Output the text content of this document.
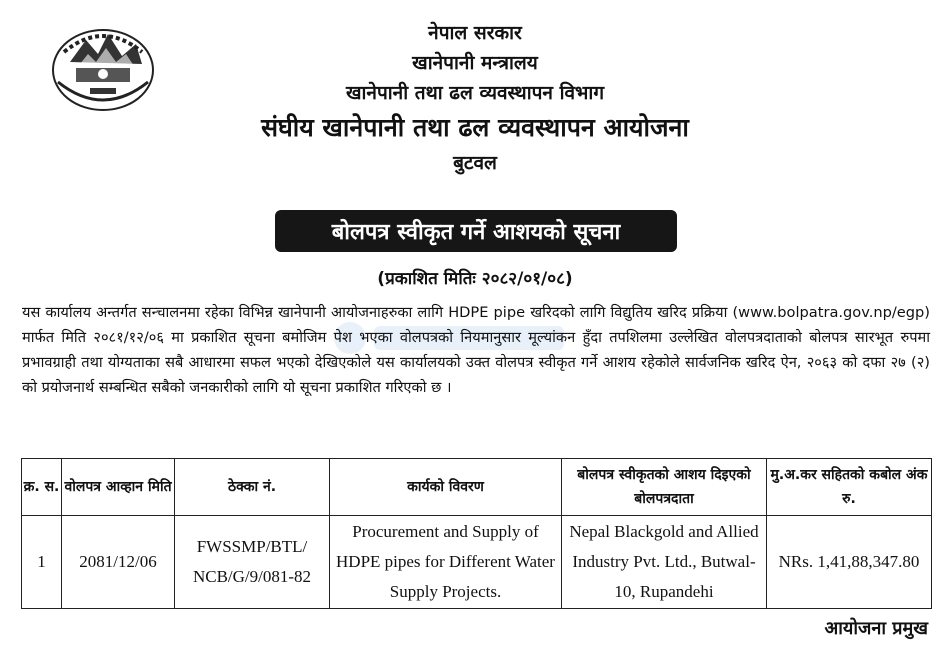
नेपाल सरकार
खानेपानी मन्त्रालय
खानेपानी तथा ढल व्यवस्थापन विभाग
संघीय खानेपानी तथा ढल व्यवस्थापन आयोजना
बुटवल
बोलपत्र स्वीकृत गर्ने आशयको सूचना
(प्रकाशित मितिः २०८२/०१/०८)
यस कार्यालय अन्तर्गत सन्चालनमा रहेका विभिन्न खानेपानी आयोजनाहरुका लागि HDPE pipe खरिदको लागि विद्युतिय खरिद प्रक्रिया (www.bolpatra.gov.np/egp) मार्फत मिति २०८१/१२/०६ मा प्रकाशित सूचना बमोजिम पेश भएका वोलपत्रको नियमानुसार मूल्यांकन हुँदा तपशिलमा उल्लेखित वोलपत्रदाताको बोलपत्र सारभूत रुपमा प्रभावग्राही तथा योग्यताका सबै आधारमा सफल भएको देखिएकोले यस कार्यालयको उक्त वोलपत्र स्वीकृत गर्ने आशय रहेकोले सार्वजनिक खरिद ऐन, २०६३ को दफा २७ (२) को प्रयोजनार्थ सम्बन्धित सबैको जनकारीको लागि यो सूचना प्रकाशित गरिएको छ ।
क्र. स.	वोलपत्र आव्हान मिति	ठेक्का नं.	कार्यको विवरण	बोलपत्र स्वीकृतको आशय दिइएको बोलपत्रदाता	मु.अ.कर सहितको कबोल अंक रु.
1	2081/12/06	FWSSMP/BTL/ NCB/G/9/081-82	Procurement and Supply of HDPE pipes for Different Water Supply Projects.	Nepal Blackgold and Allied Industry Pvt. Ltd., Butwal-10, Rupandehi	NRs. 1,41,88,347.80
आयोजना प्रमुख
